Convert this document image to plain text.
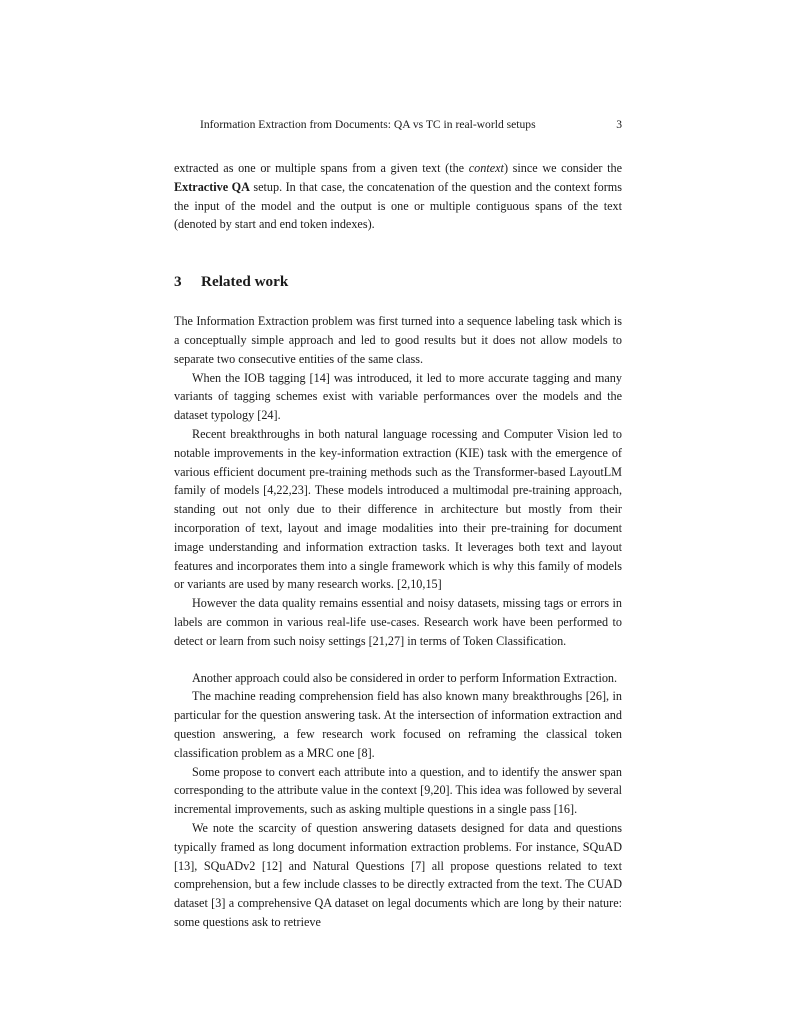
Information Extraction from Documents: QA vs TC in real-world setups	3

extracted as one or multiple spans from a given text (the context) since we consider the Extractive QA setup. In that case, the concatenation of the question and the context forms the input of the model and the output is one or multiple contiguous spans of the text (denoted by start and end token indexes).

3 Related work

The Information Extraction problem was first turned into a sequence labeling task which is a conceptually simple approach and led to good results but it does not allow models to separate two consecutive entities of the same class.

When the IOB tagging [14] was introduced, it led to more accurate tagging and many variants of tagging schemes exist with variable performances over the models and the dataset typology [24].

Recent breakthroughs in both natural language rocessing and Computer Vision led to notable improvements in the key-information extraction (KIE) task with the emergence of various efficient document pre-training methods such as the Transformer-based LayoutLM family of models [4,22,23]. These models introduced a multimodal pre-training approach, standing out not only due to their difference in architecture but mostly from their incorporation of text, layout and image modalities into their pre-training for document image understanding and information extraction tasks. It leverages both text and layout features and incorporates them into a single framework which is why this family of models or variants are used by many research works. [2,10,15]

However the data quality remains essential and noisy datasets, missing tags or errors in labels are common in various real-life use-cases. Research work have been performed to detect or learn from such noisy settings [21,27] in terms of Token Classification.

Another approach could also be considered in order to perform Information Extraction.

The machine reading comprehension field has also known many breakthroughs [26], in particular for the question answering task. At the intersection of information extraction and question answering, a few research work focused on reframing the classical token classification problem as a MRC one [8].

Some propose to convert each attribute into a question, and to identify the answer span corresponding to the attribute value in the context [9,20]. This idea was followed by several incremental improvements, such as asking multiple questions in a single pass [16].

We note the scarcity of question answering datasets designed for data and questions typically framed as long document information extraction problems. For instance, SQuAD [13], SQuADv2 [12] and Natural Questions [7] all propose questions related to text comprehension, but a few include classes to be directly extracted from the text. The CUAD dataset [3] a comprehensive QA dataset on legal documents which are long by their nature: some questions ask to retrieve
